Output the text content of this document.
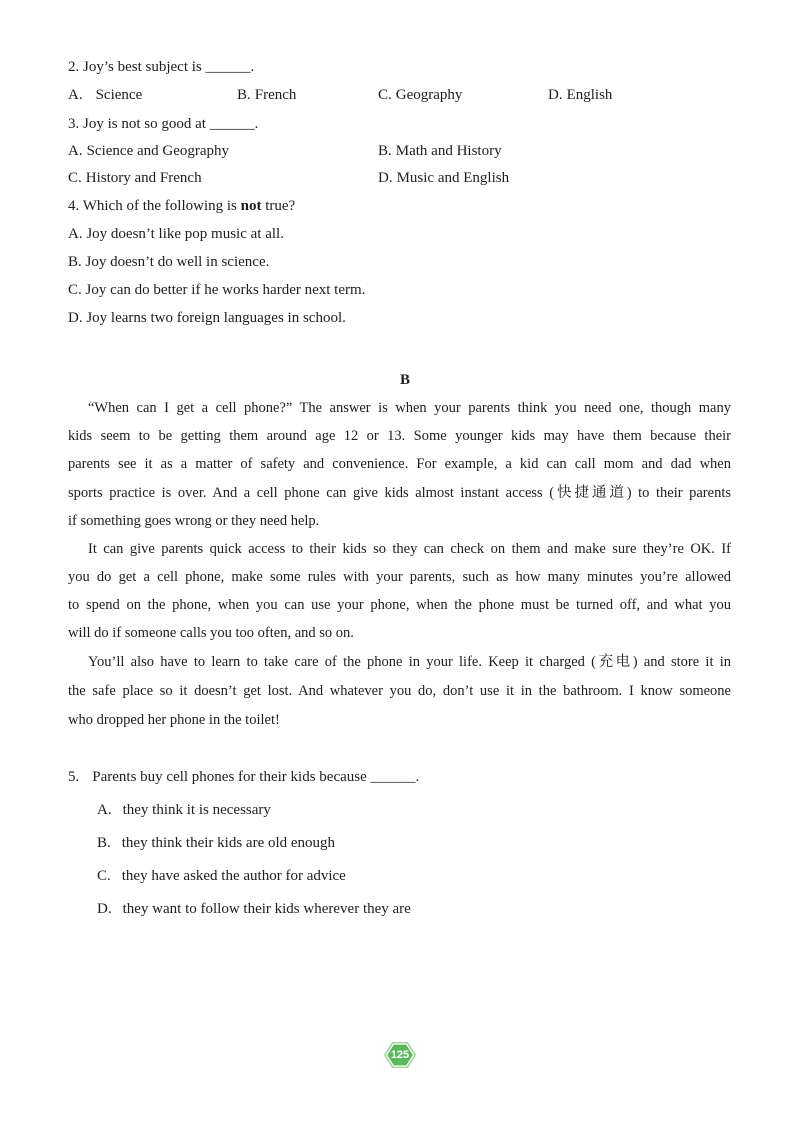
2. Joy’s best subject is ______.
A. Science	B. French	C. Geography	D. English
3. Joy is not so good at ______.
A. Science and Geography	B. Math and History
C. History and French	D. Music and English
4. Which of the following is not true?
A. Joy doesn’t like pop music at all.
B. Joy doesn’t do well in science.
C. Joy can do better if he works harder next term.
D. Joy learns two foreign languages in school.
B
“When can I get a cell phone?” The answer is when your parents think you need one, though many
kids seem to be getting them around age 12 or 13. Some younger kids may have them because their
parents see it as a matter of safety and convenience. For example, a kid can call mom and dad when
sports practice is over. And a cell phone can give kids almost instant access (快捷通道) to their parents
if something goes wrong or they need help.
It can give parents quick access to their kids so they can check on them and make sure they’re OK. If
you do get a cell phone, make some rules with your parents, such as how many minutes you’re allowed
to spend on the phone, when you can use your phone, when the phone must be turned off, and what you
will do if someone calls you too often, and so on.
You’ll also have to learn to take care of the phone in your life. Keep it charged (充电) and store it in
the safe place so it doesn’t get lost. And whatever you do, don’t use it in the bathroom. I know someone
who dropped her phone in the toilet!
5. Parents buy cell phones for their kids because ______.
A. they think it is necessary
B. they think their kids are old enough
C. they have asked the author for advice
D. they want to follow their kids wherever they are
125
